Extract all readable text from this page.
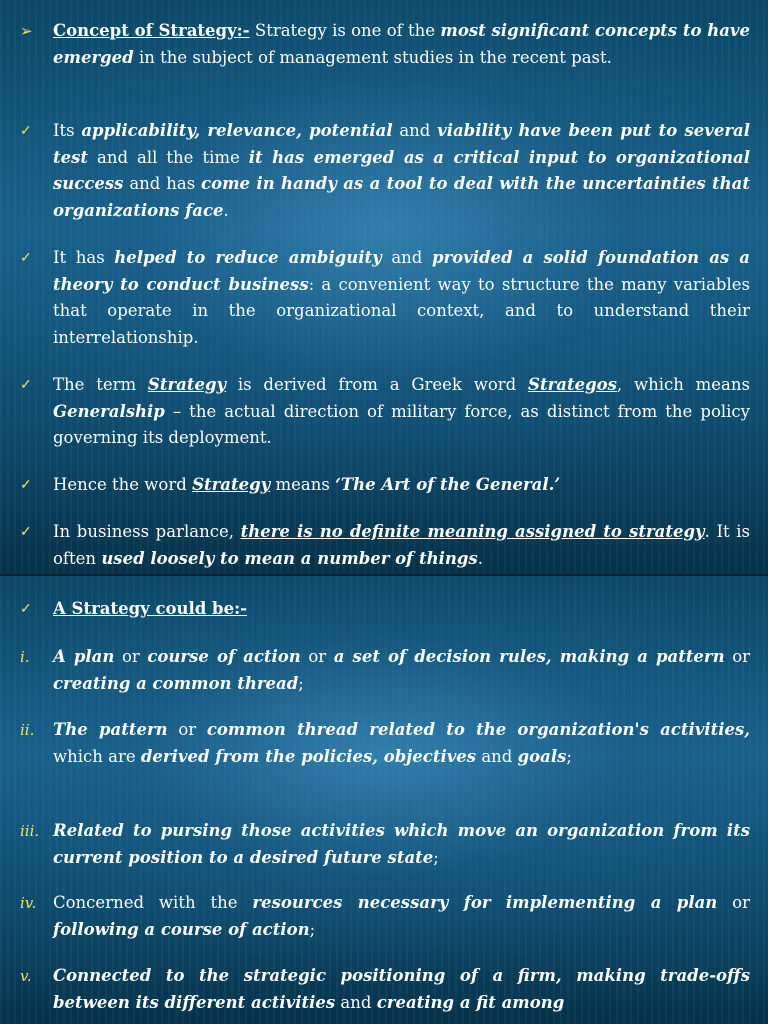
➢	Concept of Strategy:- Strategy is one of the most significant concepts to have emerged in the subject of management studies in the recent past.
✓	Its applicability, relevance, potential and viability have been put to several test and all the time it has emerged as a critical input to organizational success and has come in handy as a tool to deal with the uncertainties that organizations face.
✓	It has helped to reduce ambiguity and provided a solid foundation as a theory to conduct business: a convenient way to structure the many variables that operate in the organizational context, and to understand their interrelationship.
✓	The term Strategy is derived from a Greek word Strategos, which means Generalship – the actual direction of military force, as distinct from the policy governing its deployment.
✓	Hence the word Strategy means ‘The Art of the General.’
✓	In business parlance, there is no definite meaning assigned to strategy. It is often used loosely to mean a number of things.
✓	A Strategy could be:-
i.	A plan or course of action or a set of decision rules, making a pattern or creating a common thread;
ii.	The pattern or common thread related to the organization's activities, which are derived from the policies, objectives and goals;
iii. Related to pursing those activities which move an organization from its current position to a desired future state;
iv.	Concerned with the resources necessary for implementing a plan or following a course of action;
v.	Connected to the strategic positioning of a firm, making trade-offs between its different activities and creating a fit among
